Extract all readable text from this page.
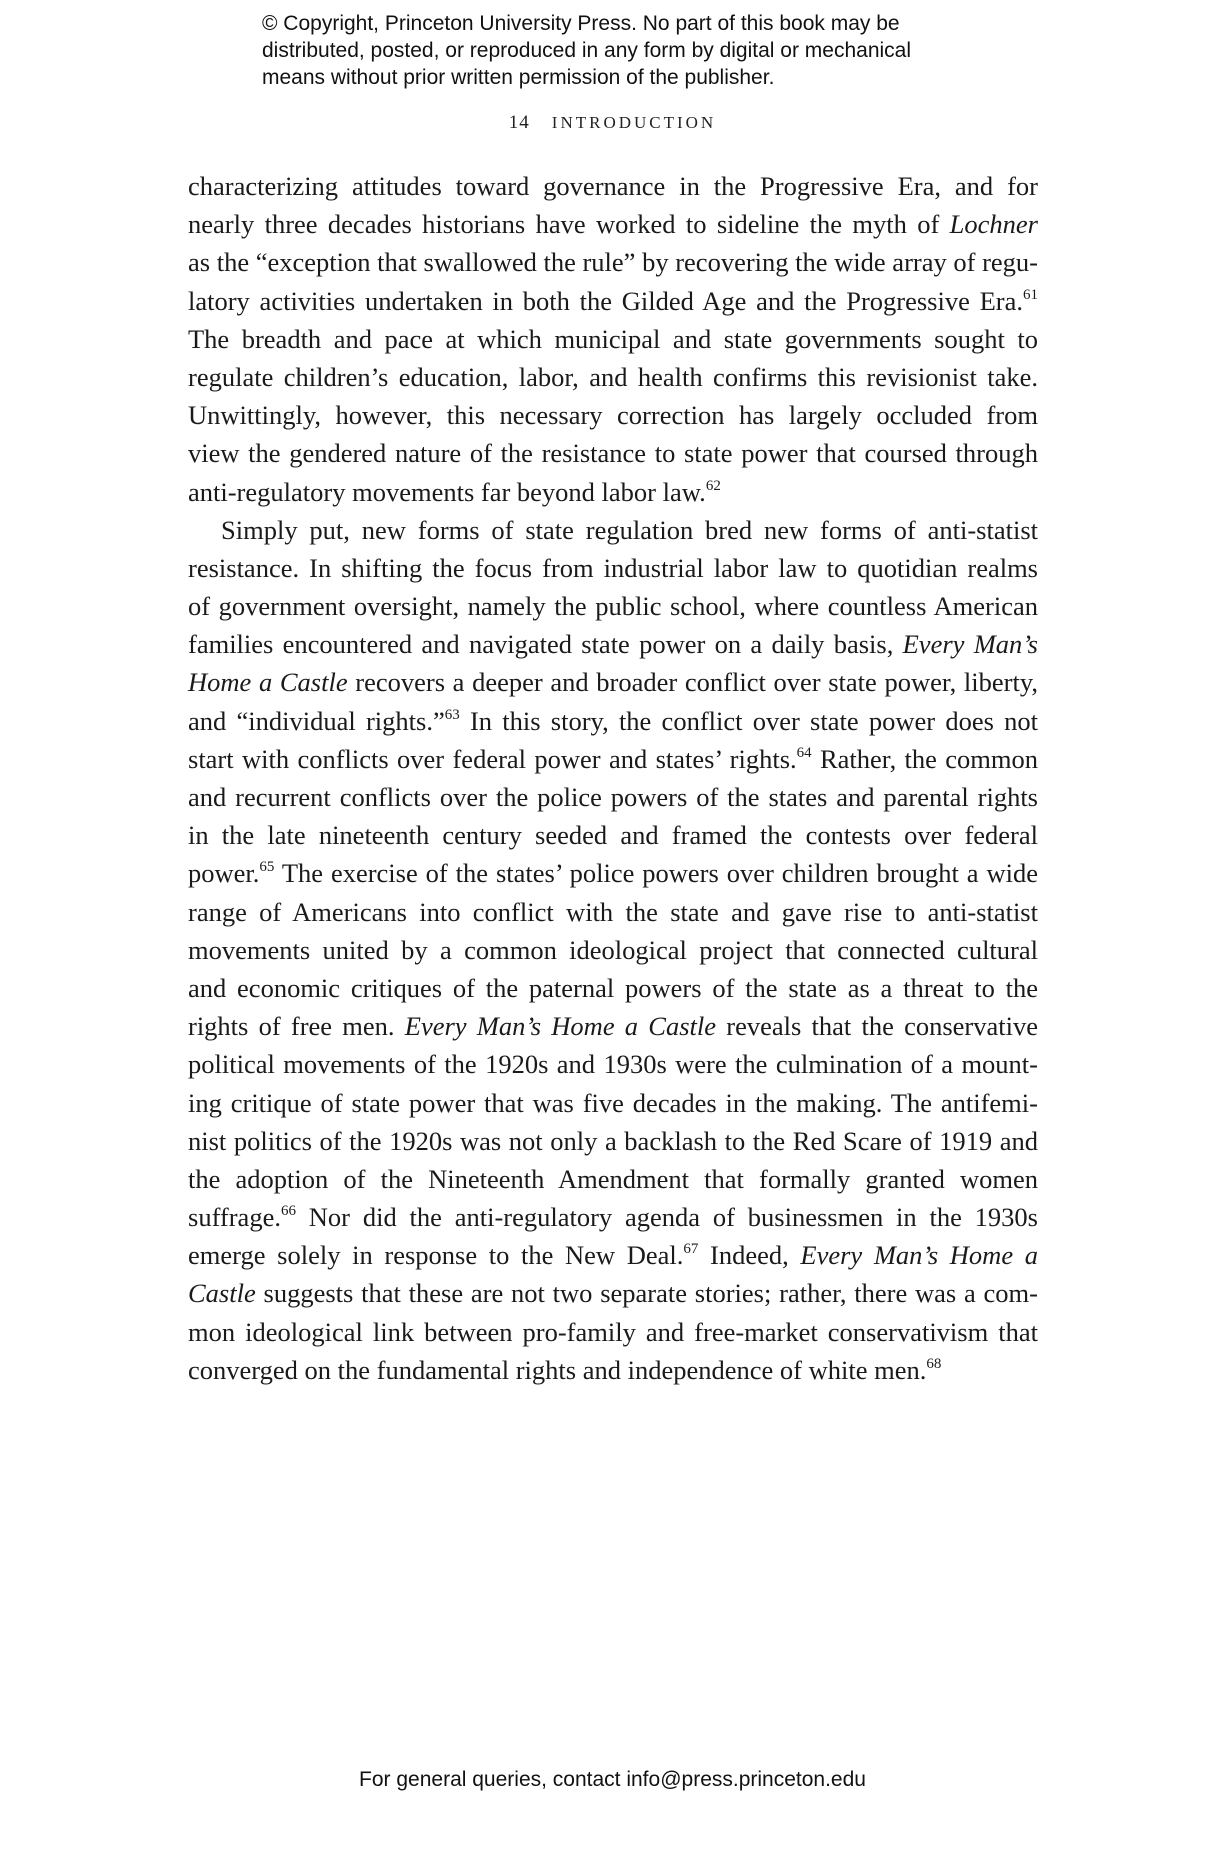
© Copyright, Princeton University Press. No part of this book may be
distributed, posted, or reproduced in any form by digital or mechanical
means without prior written permission of the publisher.
14 INTRODUCTION
characterizing attitudes toward governance in the Progressive Era, and for
nearly three decades historians have worked to sideline the myth of Lochner
as the “exception that swallowed the rule” by recovering the wide array of regu-
latory activities undertaken in both the Gilded Age and the Progressive Era.$^{61}$
The breadth and pace at which municipal and state governments sought to
regulate children’s education, labor, and health confirms this revisionist take.
Unwittingly, however, this necessary correction has largely occluded from
view the gendered nature of the resistance to state power that coursed through
anti-regulatory movements far beyond labor law.$^{62}$
Simply put, new forms of state regulation bred new forms of anti-statist
resistance. In shifting the focus from industrial labor law to quotidian realms
of government oversight, namely the public school, where countless American
families encountered and navigated state power on a daily basis, Every Man’s
Home a Castle recovers a deeper and broader conflict over state power, liberty,
and “individual rights.”$^{63}$ In this story, the conflict over state power does not
start with conflicts over federal power and states’ rights.$^{64}$ Rather, the common
and recurrent conflicts over the police powers of the states and parental rights
in the late nineteenth century seeded and framed the contests over federal
power.$^{65}$ The exercise of the states’ police powers over children brought a wide
range of Americans into conflict with the state and gave rise to anti-statist
movements united by a common ideological project that connected cultural
and economic critiques of the paternal powers of the state as a threat to the
rights of free men. Every Man’s Home a Castle reveals that the conservative
political movements of the 1920s and 1930s were the culmination of a mount-
ing critique of state power that was five decades in the making. The antifemi-
nist politics of the 1920s was not only a backlash to the Red Scare of 1919 and
the adoption of the Nineteenth Amendment that formally granted women
suffrage.$^{66}$ Nor did the anti-regulatory agenda of businessmen in the 1930s
emerge solely in response to the New Deal.$^{67}$ Indeed, Every Man’s Home a
Castle suggests that these are not two separate stories; rather, there was a com-
mon ideological link between pro-family and free-market conservativism that
converged on the fundamental rights and independence of white men.$^{68}$
For general queries, contact info@press.princeton.edu
